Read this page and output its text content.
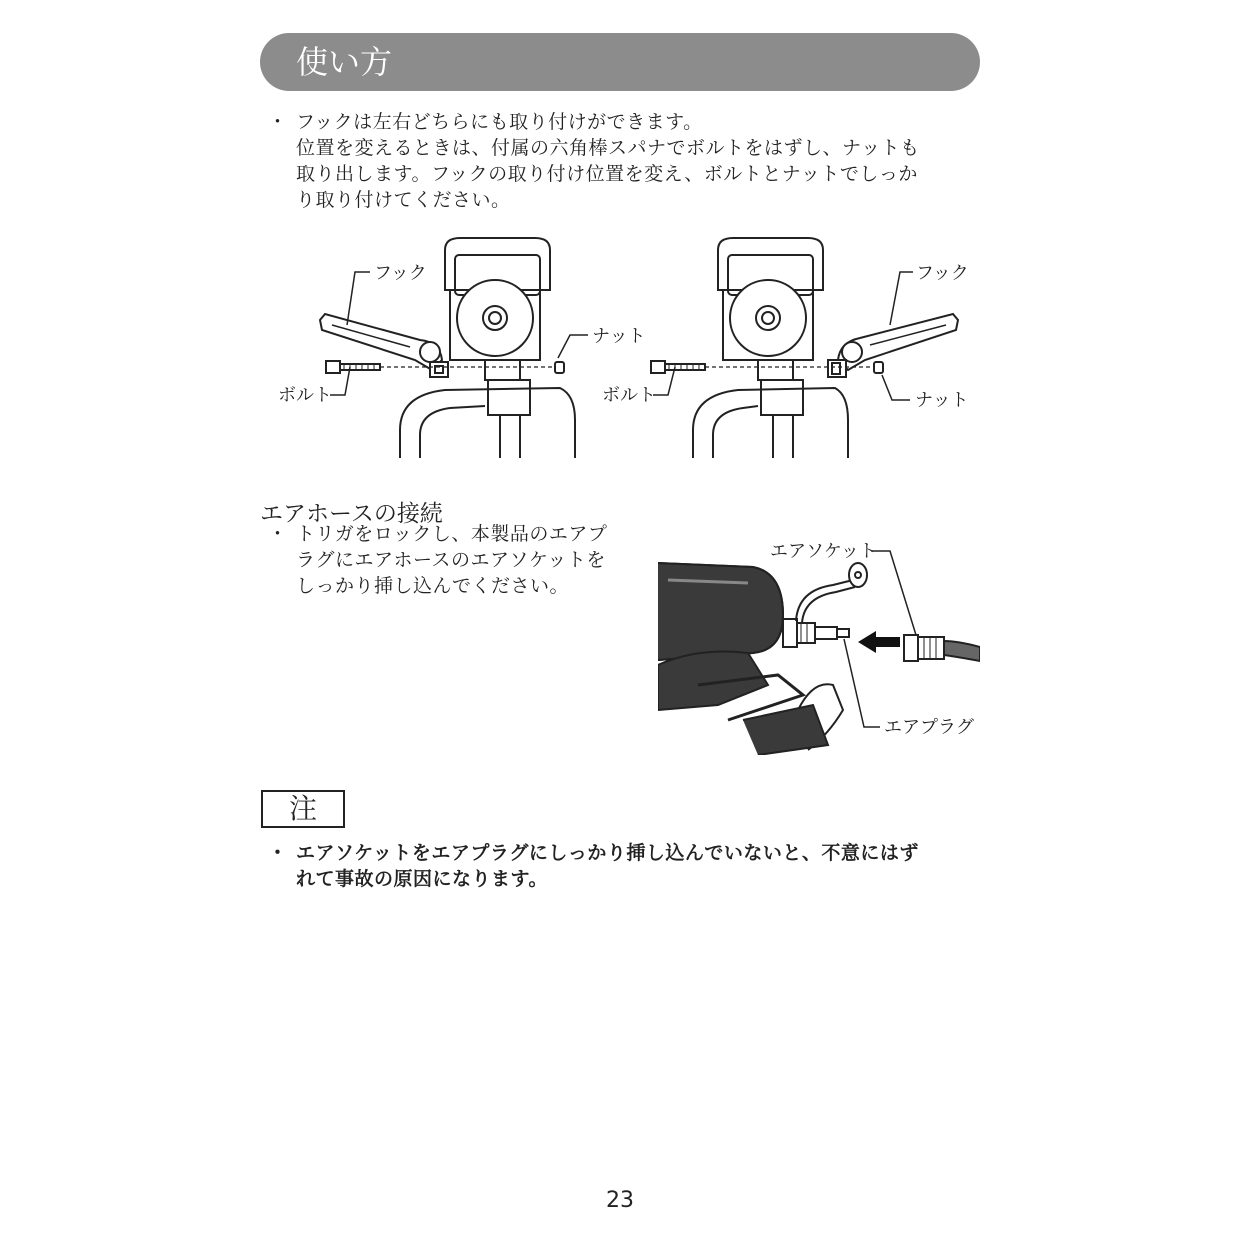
使い方
・ フックは左右どちらにも取り付けができます。
位置を変えるときは、付属の六角棒スパナでボルトをはずし、ナットも
取り出します。フックの取り付け位置を変え、ボルトとナットでしっか
り取り付けてください。
フック
ナット
ボルト
フック
ナット
ボルト
エアホースの接続
・ トリガをロックし、本製品のエアプ
ラグにエアホースのエアソケットを
しっかり挿し込んでください。
エアソケット
エアプラグ
注
・ エアソケットをエアプラグにしっかり挿し込んでいないと、不意にはず
れて事故の原因になります。
23
